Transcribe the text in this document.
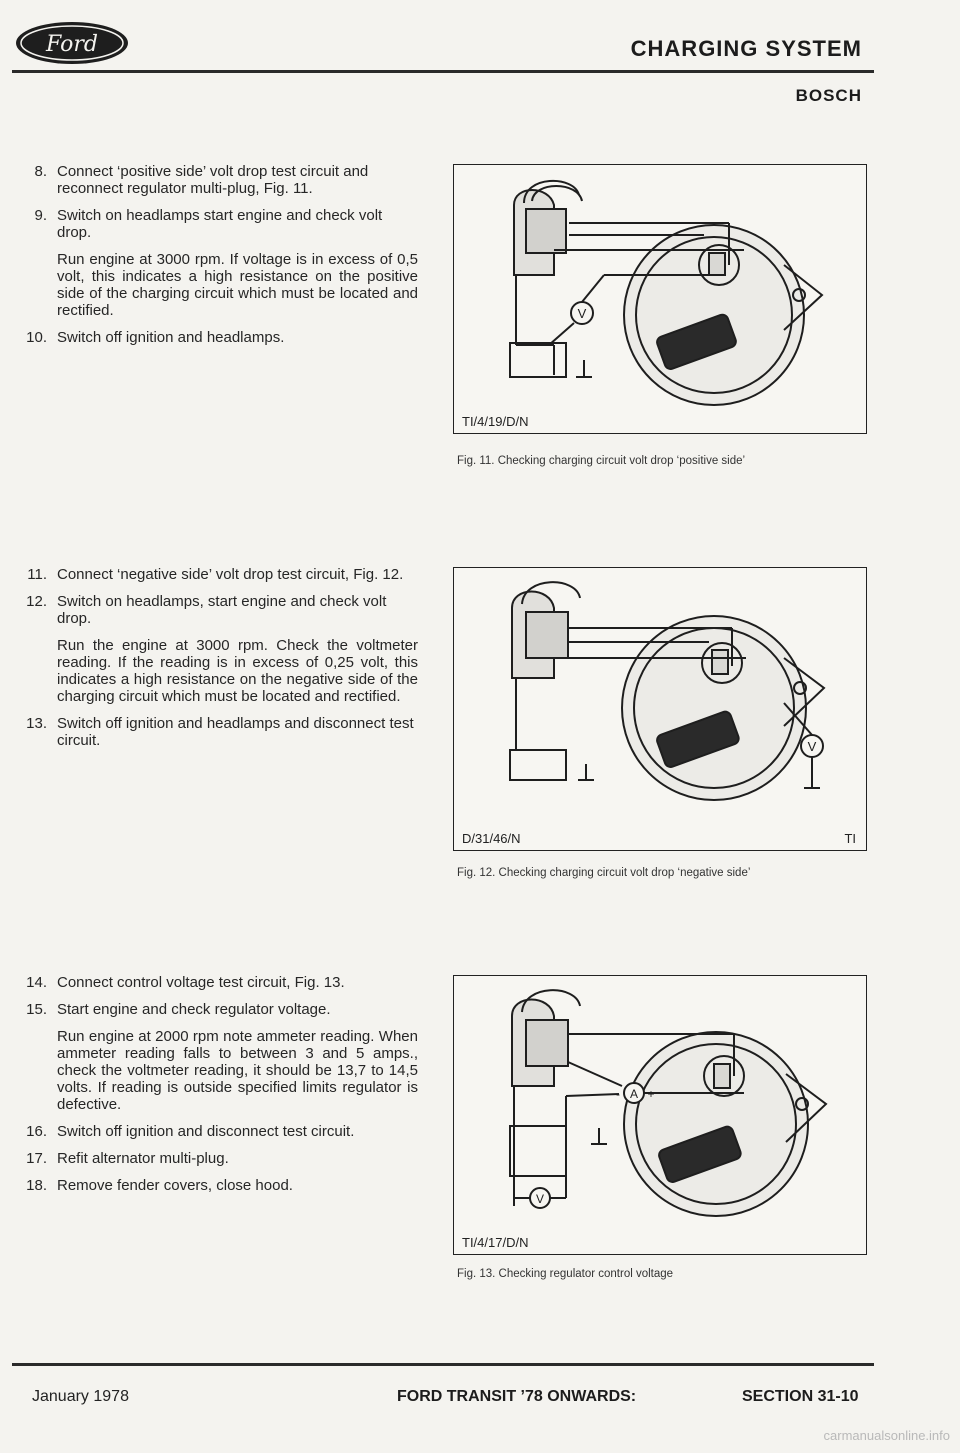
Ford	CHARGING SYSTEM
BOSCH
8. Connect ‘positive side’ volt drop test circuit and reconnect regulator multi-plug, Fig. 11.
9. Switch on headlamps start engine and check volt drop.
Run engine at 3000 rpm. If voltage is in excess of 0,5 volt, this indicates a high resistance on the positive side of the charging circuit which must be located and rectified.
10. Switch off ignition and headlamps.
11. Connect ‘negative side’ volt drop test circuit, Fig. 12.
12. Switch on headlamps, start engine and check volt drop.
Run the engine at 3000 rpm. Check the voltmeter reading. If the reading is in excess of 0,25 volt, this indicates a high resistance on the negative side of the charging circuit which must be located and rectified.
13. Switch off ignition and headlamps and disconnect test circuit.
14. Connect control voltage test circuit, Fig. 13.
15. Start engine and check regulator voltage.
Run engine at 2000 rpm note ammeter reading. When ammeter reading falls to between 3 and 5 amps., check the voltmeter reading, it should be 13,7 to 14,5 volts. If reading is outside specified limits regulator is defective.
16. Switch off ignition and disconnect test circuit.
17. Refit alternator multi-plug.
18. Remove fender covers, close hood.
V
TI/4/19/D/N
Fig. 11. Checking charging circuit volt drop ‘positive side’
V
D/31/46/N	TI
Fig. 12. Checking charging circuit volt drop ‘negative side’
A
- +
V
TI/4/17/D/N
Fig. 13. Checking regulator control voltage
January 1978	FORD TRANSIT ’78 ONWARDS:	SECTION 31-10
carmanualsonline.info
